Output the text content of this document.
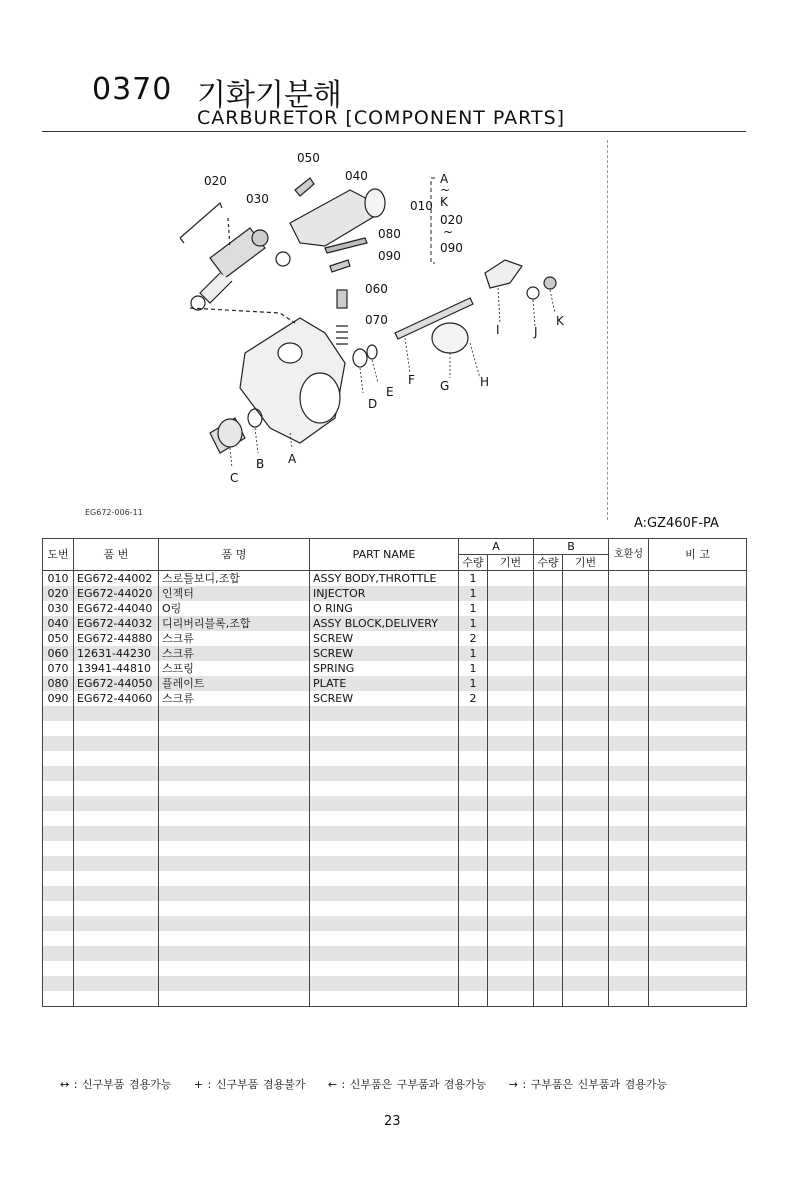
0370 기화기분해
CARBURETOR [COMPONENT PARTS]
050
040
020
030
080
090
060
070
010
A
~
K
020
~
090
A
B
C
D
E
F G	H
I	J
K
EG672-006-11
A:GZ460F-PA
도번	품 번	품 명	PART NAME	A		B		호환성	비 고
				수량	기번	수량	기번		
010	EG672-44002	스로틀보디,조합	ASSY BODY,THROTTLE	1					
020	EG672-44020	인젝터	INJECTOR	1					
030	EG672-44040	O링	O RING	1					
040	EG672-44032	디리버리블록,조합	ASSY BLOCK,DELIVERY	1					
050	EG672-44880	스크류	SCREW	2					
060	12631-44230	스크류	SCREW	1					
070	13941-44810	스프링	SPRING	1					
080	EG672-44050	플레이트	PLATE	1					
090	EG672-44060	스크류	SCREW	2					

↔ : 신구부품 겸용가능 + : 신구부품 겸용불가 ← : 신부품은 구부품과 겸용가능 → : 구부품은 신부품과 겸용가능
23
